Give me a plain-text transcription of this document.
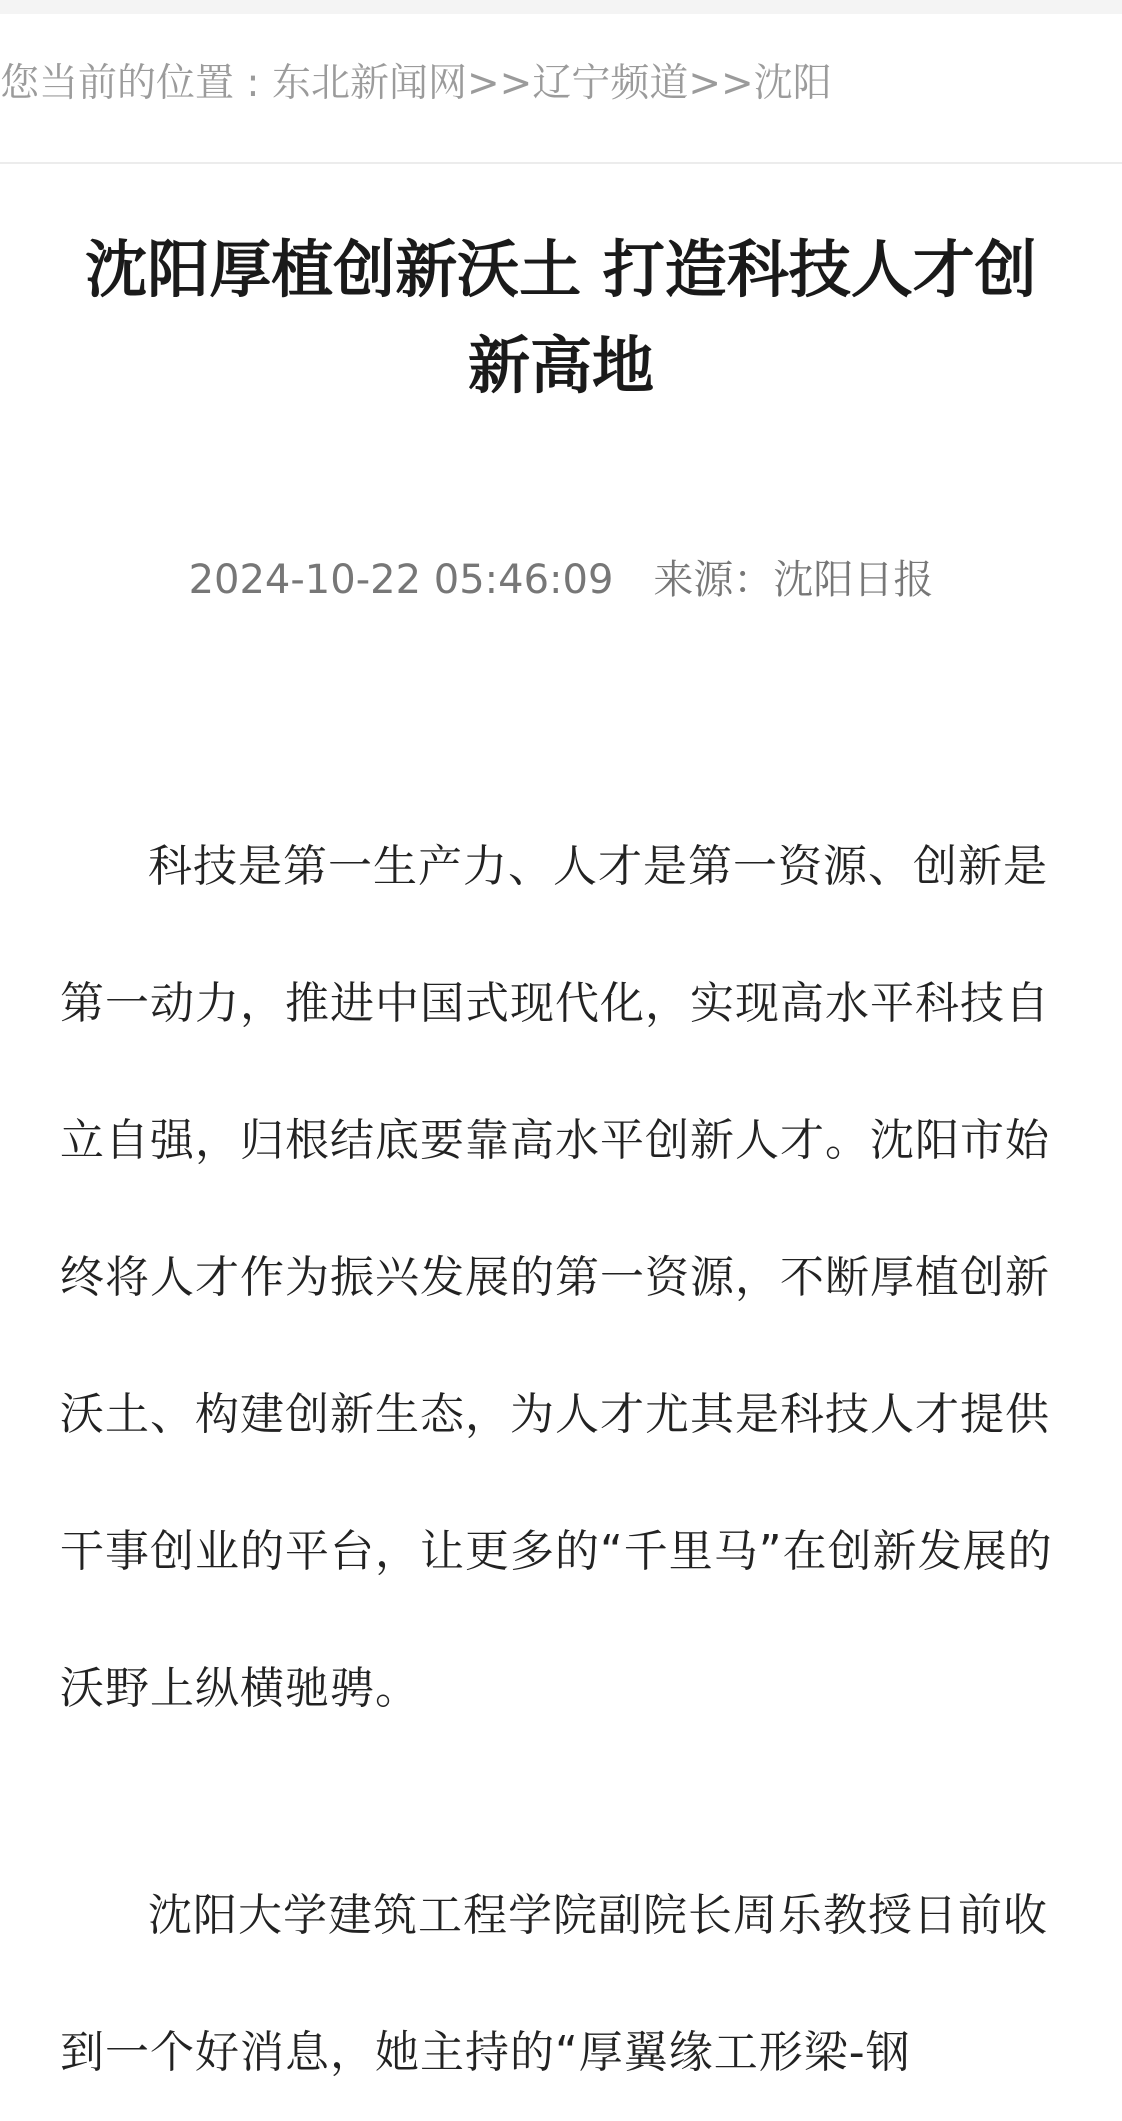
您当前的位置 : 东北新闻网>>辽宁频道>>沈阳
沈阳厚植创新沃土 打造科技人才创新高地
2024-10-22 05:46:09 来源：沈阳日报

科技是第一生产力、人才是第一资源、创新是第一动力，推进中国式现代化，实现高水平科技自立自强，归根结底要靠高水平创新人才。沈阳市始终将人才作为振兴发展的第一资源，不断厚植创新沃土、构建创新生态，为人才尤其是科技人才提供干事创业的平台，让更多的“千里马”在创新发展的沃野上纵横驰骋。

沈阳大学建筑工程学院副院长周乐教授日前收到一个好消息，她主持的“厚翼缘工形梁-钢
